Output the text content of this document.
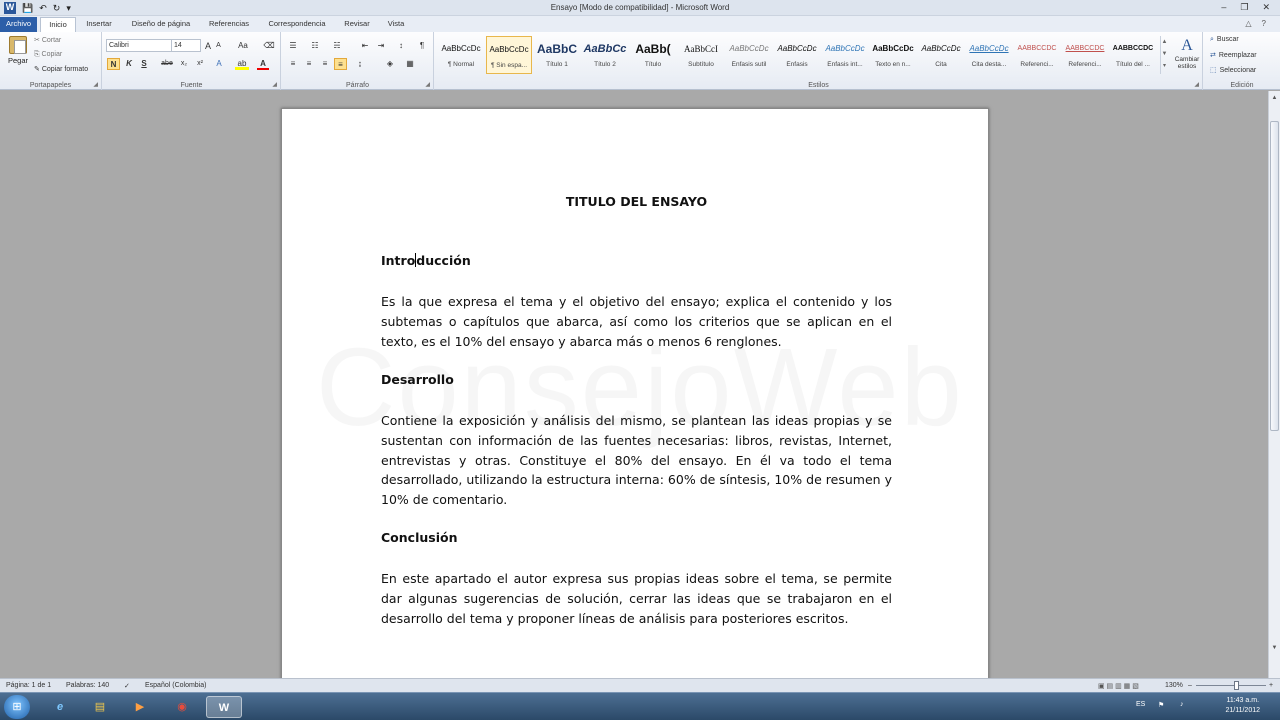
W 💾 ↶ ↻ ▾	Ensayo [Modo de compatibilidad] - Microsoft Word	– ❐ ✕
Archivo	Inicio	Insertar	Diseño de página	Referencias	Correspondencia	Revisar	Vista	△ ?
Pegar
✂ Cortar
⎘ Copiar
✎ Copiar formato
Portapapeles	◢
Calibri	14	A A	Aa	⌫
N	K S	abe	x₂	x²	A	ab	A
Fuente	◢
☰	☷	☵	⇤	⇥	↕	¶
≡	≡	≡	≡	↨	◈	▦
Párrafo	◢	Estilos	◢	Edición
AaBbCcDc
¶ Normal
AaBbCcDc
¶ Sin espa...
AaBbC
Título 1
AaBbCc
Título 2
AaBb(
Título
AaBbCcI
Subtítulo
AaBbCcDc
Énfasis sutil
AaBbCcDc
Énfasis
AaBbCcDc
Énfasis int...
AaBbCcDc
Texto en n...
AaBbCcDc
Cita
AaBbCcDc
Cita desta...
AABBCCDC
Referenci...
AABBCCDC
Referenci...
AABBCCDC
Título del ...
▲
▼
▾
A
Cambiar estilos
⌕ Buscar
⇄ Reemplazar
⬚ Seleccionar
TITULO DEL ENSAYO
Introducción
Es la que expresa el tema y el objetivo del ensayo; explica el contenido y los subtemas o capítulos que abarca, así como los criterios que se aplican en el texto, es el 10% del ensayo y abarca más o menos 6 renglones.
Desarrollo
Contiene la exposición y análisis del mismo, se plantean las ideas propias y se sustentan con información de las fuentes necesarias: libros, revistas, Internet, entrevistas y otras. Constituye el 80% del ensayo. En él va todo el tema desarrollado, utilizando la estructura interna: 60% de síntesis, 10% de resumen y 10% de comentario.
Conclusión
En este apartado el autor expresa sus propias ideas sobre el tema, se permite dar algunas sugerencias de solución, cerrar las ideas que se trabajaron en el desarrollo del tema y proponer líneas de análisis para posteriores escritos.
▲
▼
Página: 1 de 1 Palabras: 140 ✓ Español (Colombia)	▣ ▤ ▥ ▦ ▧	130% –	+
⊞	e	▤	▶	◉	W	ES ⚑ ♪
11:43 a.m.
21/11/2012
